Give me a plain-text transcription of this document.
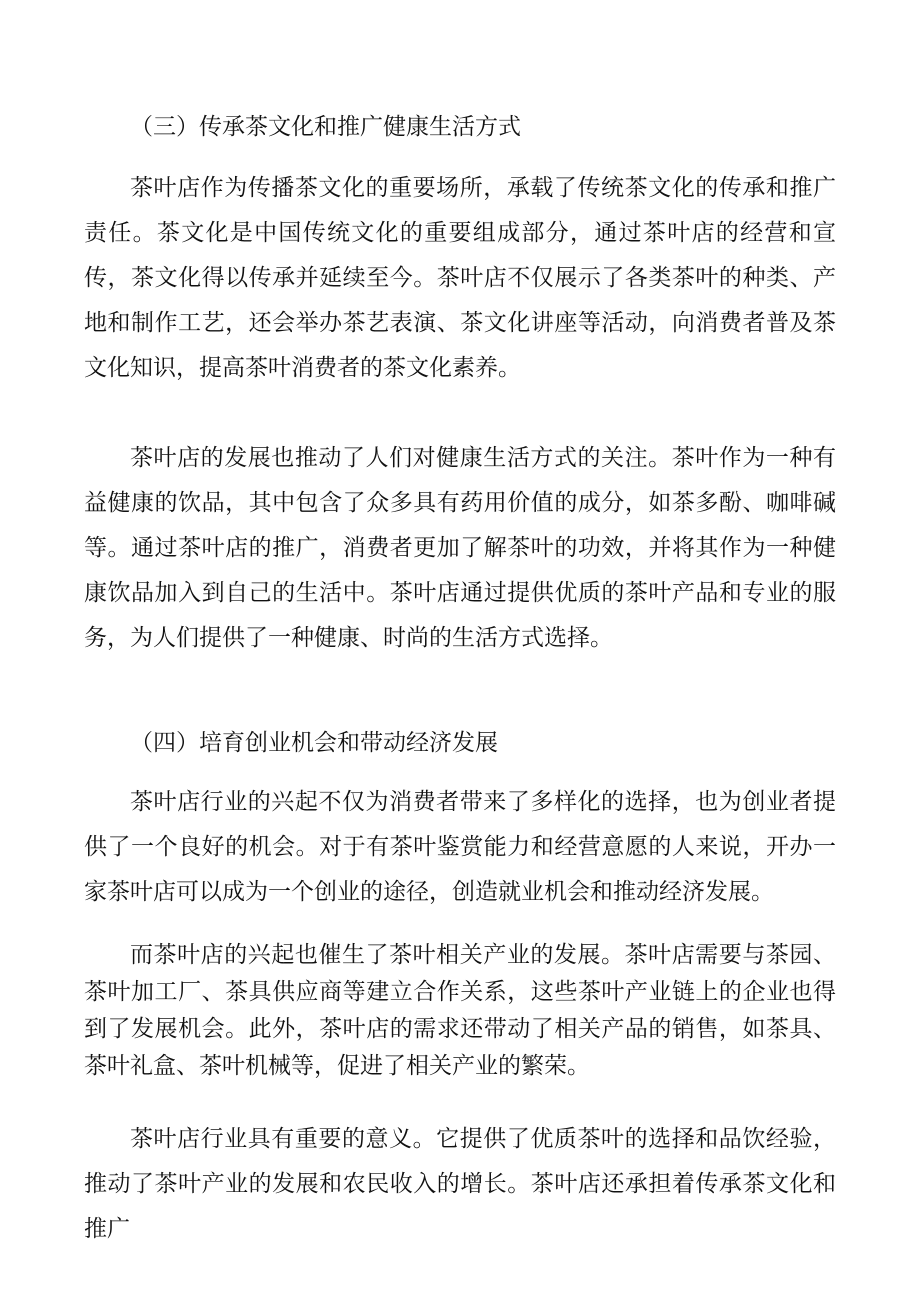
（三）传承茶文化和推广健康生活方式

茶叶店作为传播茶文化的重要场所，承载了传统茶文化的传承和推广责任。茶文化是中国传统文化的重要组成部分，通过茶叶店的经营和宣传，茶文化得以传承并延续至今。茶叶店不仅展示了各类茶叶的种类、产地和制作工艺，还会举办茶艺表演、茶文化讲座等活动，向消费者普及茶文化知识，提高茶叶消费者的茶文化素养。

茶叶店的发展也推动了人们对健康生活方式的关注。茶叶作为一种有益健康的饮品，其中包含了众多具有药用价值的成分，如茶多酚、咖啡碱等。通过茶叶店的推广，消费者更加了解茶叶的功效，并将其作为一种健康饮品加入到自己的生活中。茶叶店通过提供优质的茶叶产品和专业的服务，为人们提供了一种健康、时尚的生活方式选择。

（四）培育创业机会和带动经济发展

茶叶店行业的兴起不仅为消费者带来了多样化的选择，也为创业者提供了一个良好的机会。对于有茶叶鉴赏能力和经营意愿的人来说，开办一家茶叶店可以成为一个创业的途径，创造就业机会和推动经济发展。

而茶叶店的兴起也催生了茶叶相关产业的发展。茶叶店需要与茶园、茶叶加工厂、茶具供应商等建立合作关系，这些茶叶产业链上的企业也得到了发展机会。此外，茶叶店的需求还带动了相关产品的销售，如茶具、茶叶礼盒、茶叶机械等，促进了相关产业的繁荣。

茶叶店行业具有重要的意义。它提供了优质茶叶的选择和品饮经验，推动了茶叶产业的发展和农民收入的增长。茶叶店还承担着传承茶文化和推广
